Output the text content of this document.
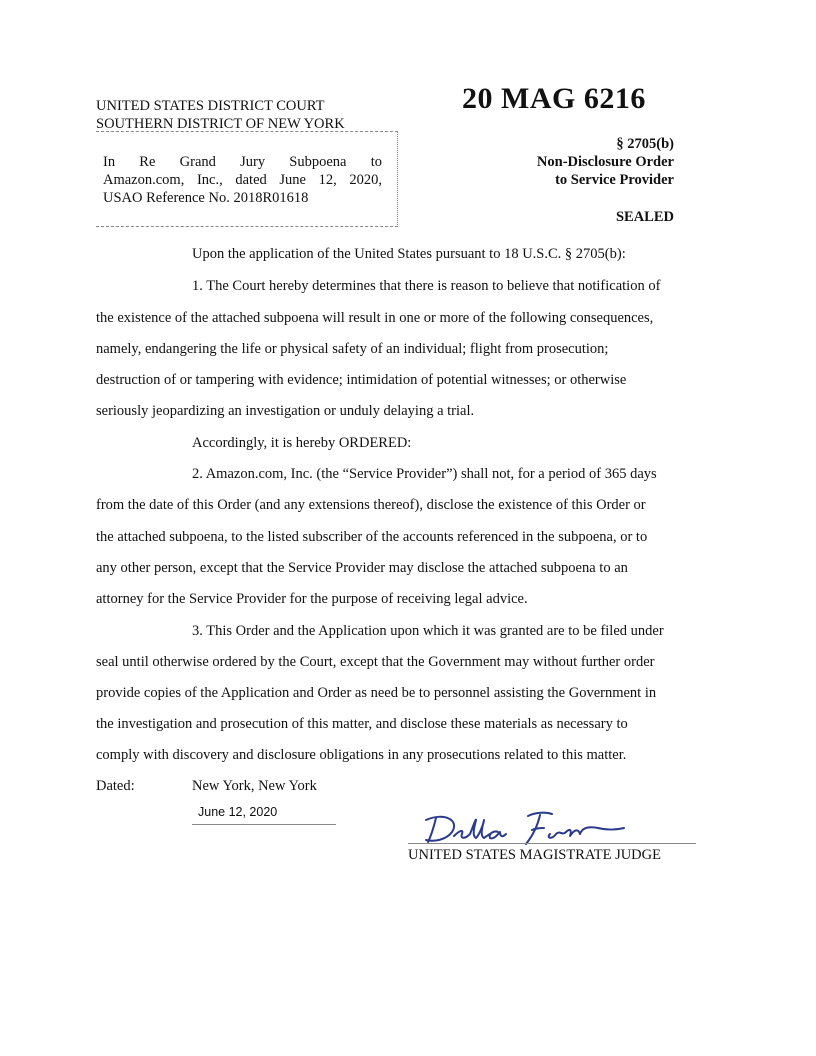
UNITED STATES DISTRICT COURT
SOUTHERN DISTRICT OF NEW YORK
20 MAG 6216
In Re Grand Jury Subpoena to
Amazon.com, Inc., dated June 12, 2020,
USAO Reference No. 2018R01618
§ 2705(b)
Non-Disclosure Order
to Service Provider
SEALED
Upon the application of the United States pursuant to 18 U.S.C. § 2705(b):
1. The Court hereby determines that there is reason to believe that notification of
the existence of the attached subpoena will result in one or more of the following consequences,
namely, endangering the life or physical safety of an individual; flight from prosecution;
destruction of or tampering with evidence; intimidation of potential witnesses; or otherwise
seriously jeopardizing an investigation or unduly delaying a trial.
Accordingly, it is hereby ORDERED:
2. Amazon.com, Inc. (the “Service Provider”) shall not, for a period of 365 days
from the date of this Order (and any extensions thereof), disclose the existence of this Order or
the attached subpoena, to the listed subscriber of the accounts referenced in the subpoena, or to
any other person, except that the Service Provider may disclose the attached subpoena to an
attorney for the Service Provider for the purpose of receiving legal advice.
3. This Order and the Application upon which it was granted are to be filed under
seal until otherwise ordered by the Court, except that the Government may without further order
provide copies of the Application and Order as need be to personnel assisting the Government in
the investigation and prosecution of this matter, and disclose these materials as necessary to
comply with discovery and disclosure obligations in any prosecutions related to this matter.
Dated:	New York, New York
June 12, 2020
UNITED STATES MAGISTRATE JUDGE
